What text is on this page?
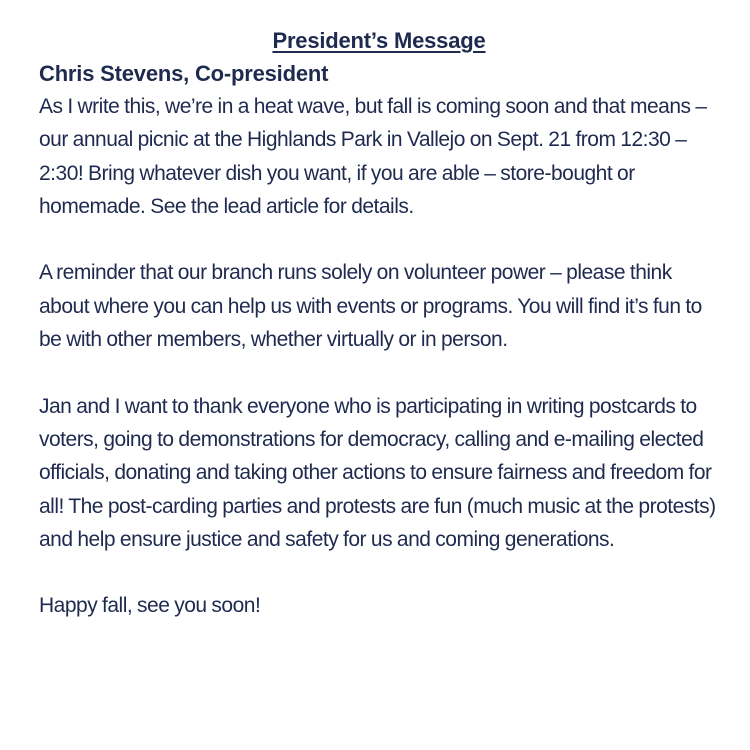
President’s Message

Chris Stevens, Co-president

As I write this, we’re in a heat wave, but fall is coming soon and that means – our annual picnic at the Highlands Park in Vallejo on Sept. 21 from 12:30 – 2:30! Bring whatever dish you want, if you are able – store-bought or homemade. See the lead article for details.

A reminder that our branch runs solely on volunteer power – please think about where you can help us with events or programs. You will find it’s fun to be with other members, whether virtually or in person.

Jan and I want to thank everyone who is participating in writing postcards to voters, going to demonstrations for democracy, calling and e-mailing elected officials, donating and taking other actions to ensure fairness and freedom for all! The post-carding parties and protests are fun (much music at the protests) and help ensure justice and safety for us and coming generations.

Happy fall, see you soon!
